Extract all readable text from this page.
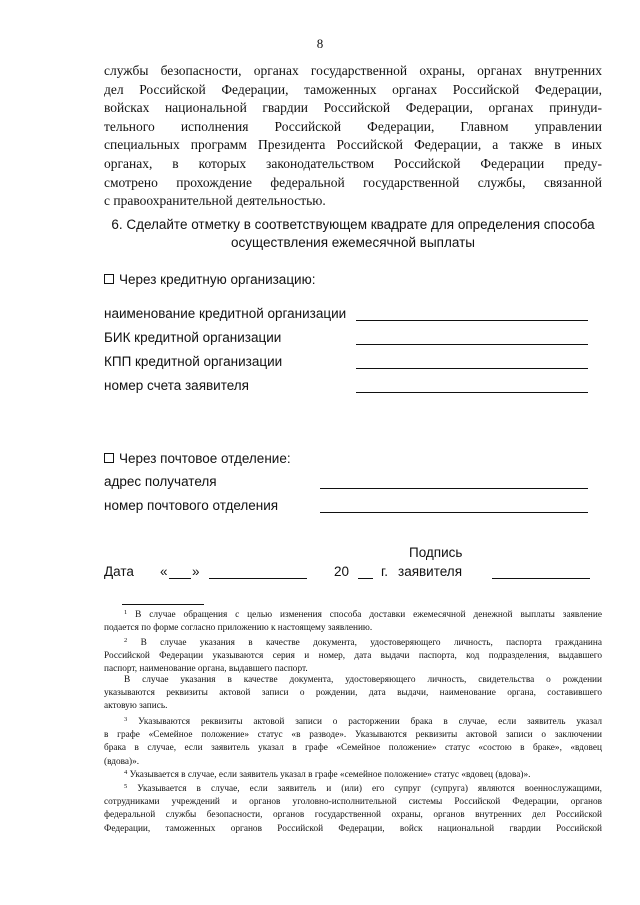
8
службы безопасности, органах государственной охраны, органах внутренних
дел Российской Федерации, таможенных органах Российской Федерации,
войсках национальной гвардии Российской Федерации, органах принуди-
тельного исполнения Российской Федерации, Главном управлении
специальных программ Президента Российской Федерации, а также в иных
органах, в которых законодательством Российской Федерации преду-
смотрено прохождение федеральной государственной службы, связанной
с правоохранительной деятельностью.
6. Сделайте отметку в соответствующем квадрате для определения способа
осуществления ежемесячной выплаты
Через кредитную организацию:
наименование кредитной организации
БИК кредитной организации
КПП кредитной организации
номер счета заявителя
Через почтовое отделение:
адрес получателя
номер почтового отделения
Подпись
Дата « »	20 г. заявителя
$^1$ В случае обращения с целью изменения способа доставки ежемесячной денежной выплаты заявление
подается по форме согласно приложению к настоящему заявлению.
$^2$ В случае указания в качестве документа, удостоверяющего личность, паспорта гражданина
Российской Федерации указываются серия и номер, дата выдачи паспорта, код подразделения, выдавшего
паспорт, наименование органа, выдавшего паспорт.
В случае указания в качестве документа, удостоверяющего личность, свидетельства о рождении
указываются реквизиты актовой записи о рождении, дата выдачи, наименование органа, составившего
актовую запись.
$^3$ Указываются реквизиты актовой записи о расторжении брака в случае, если заявитель указал
в графе «Семейное положение» статус «в разводе». Указываются реквизиты актовой записи о заключении
брака в случае, если заявитель указал в графе «Семейное положение» статус «состою в браке», «вдовец
(вдова)».
$^4$ Указывается в случае, если заявитель указал в графе «семейное положение» статус «вдовец (вдова)».
$^5$ Указывается в случае, если заявитель и (или) его супруг (супруга) являются военнослужащими,
сотрудниками учреждений и органов уголовно-исполнительной системы Российской Федерации, органов
федеральной службы безопасности, органов государственной охраны, органов внутренних дел Российской
Федерации, таможенных органов Российской Федерации, войск национальной гвардии Российской
